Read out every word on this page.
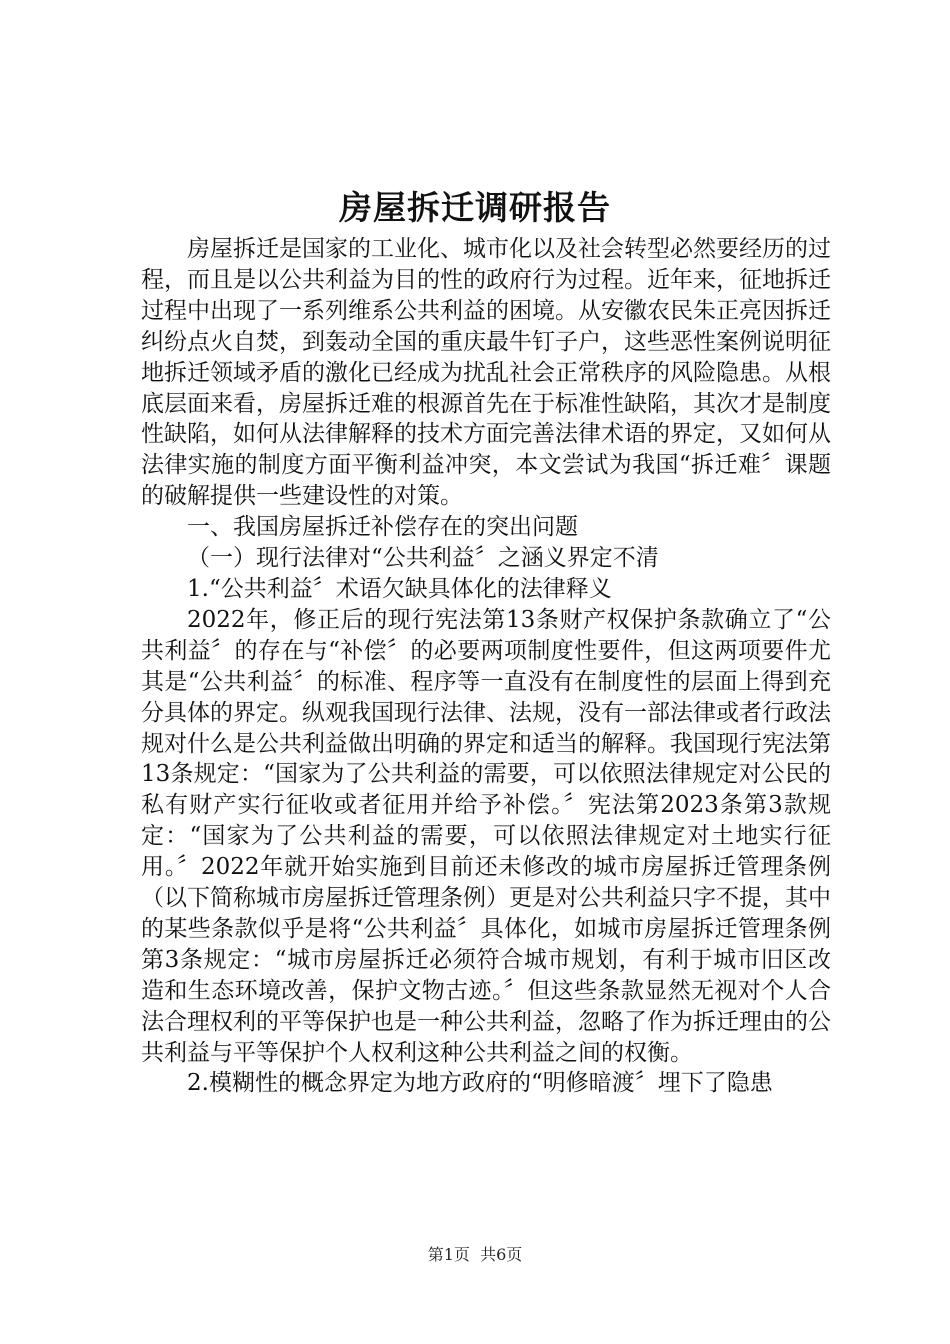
房屋拆迁调研报告

房屋拆迁是国家的工业化、城市化以及社会转型必然要经历的过程，而且是以公共利益为目的性的政府行为过程。近年来，征地拆迁过程中出现了一系列维系公共利益的困境。从安徽农民朱正亮因拆迁纠纷点火自焚，到轰动全国的重庆最牛钉子户，这些恶性案例说明征地拆迁领域矛盾的激化已经成为扰乱社会正常秩序的风险隐患。从根底层面来看，房屋拆迁难的根源首先在于标准性缺陷，其次才是制度性缺陷，如何从法律解释的技术方面完善法律术语的界定，又如何从法律实施的制度方面平衡利益冲突，本文尝试为我国“拆迁难〞课题的破解提供一些建设性的对策。

一、我国房屋拆迁补偿存在的突出问题

（一）现行法律对“公共利益〞之涵义界定不清

1.“公共利益〞术语欠缺具体化的法律释义

2022年，修正后的现行宪法第13条财产权保护条款确立了“公共利益〞的存在与“补偿〞的必要两项制度性要件，但这两项要件尤其是“公共利益〞的标准、程序等一直没有在制度性的层面上得到充分具体的界定。纵观我国现行法律、法规，没有一部法律或者行政法规对什么是公共利益做出明确的界定和适当的解释。我国现行宪法第13条规定：“国家为了公共利益的需要，可以依照法律规定对公民的私有财产实行征收或者征用并给予补偿。〞宪法第2023条第3款规定：“国家为了公共利益的需要，可以依照法律规定对土地实行征用。〞2022年就开始实施到目前还未修改的城市房屋拆迁管理条例（以下简称城市房屋拆迁管理条例）更是对公共利益只字不提，其中的某些条款似乎是将“公共利益〞具体化，如城市房屋拆迁管理条例第3条规定：“城市房屋拆迁必须符合城市规划，有利于城市旧区改造和生态环境改善，保护文物古迹。〞但这些条款显然无视对个人合法合理权利的平等保护也是一种公共利益，忽略了作为拆迁理由的公共利益与平等保护个人权利这种公共利益之间的权衡。

2.模糊性的概念界定为地方政府的“明修暗渡〞埋下了隐患

第1页 共6页
